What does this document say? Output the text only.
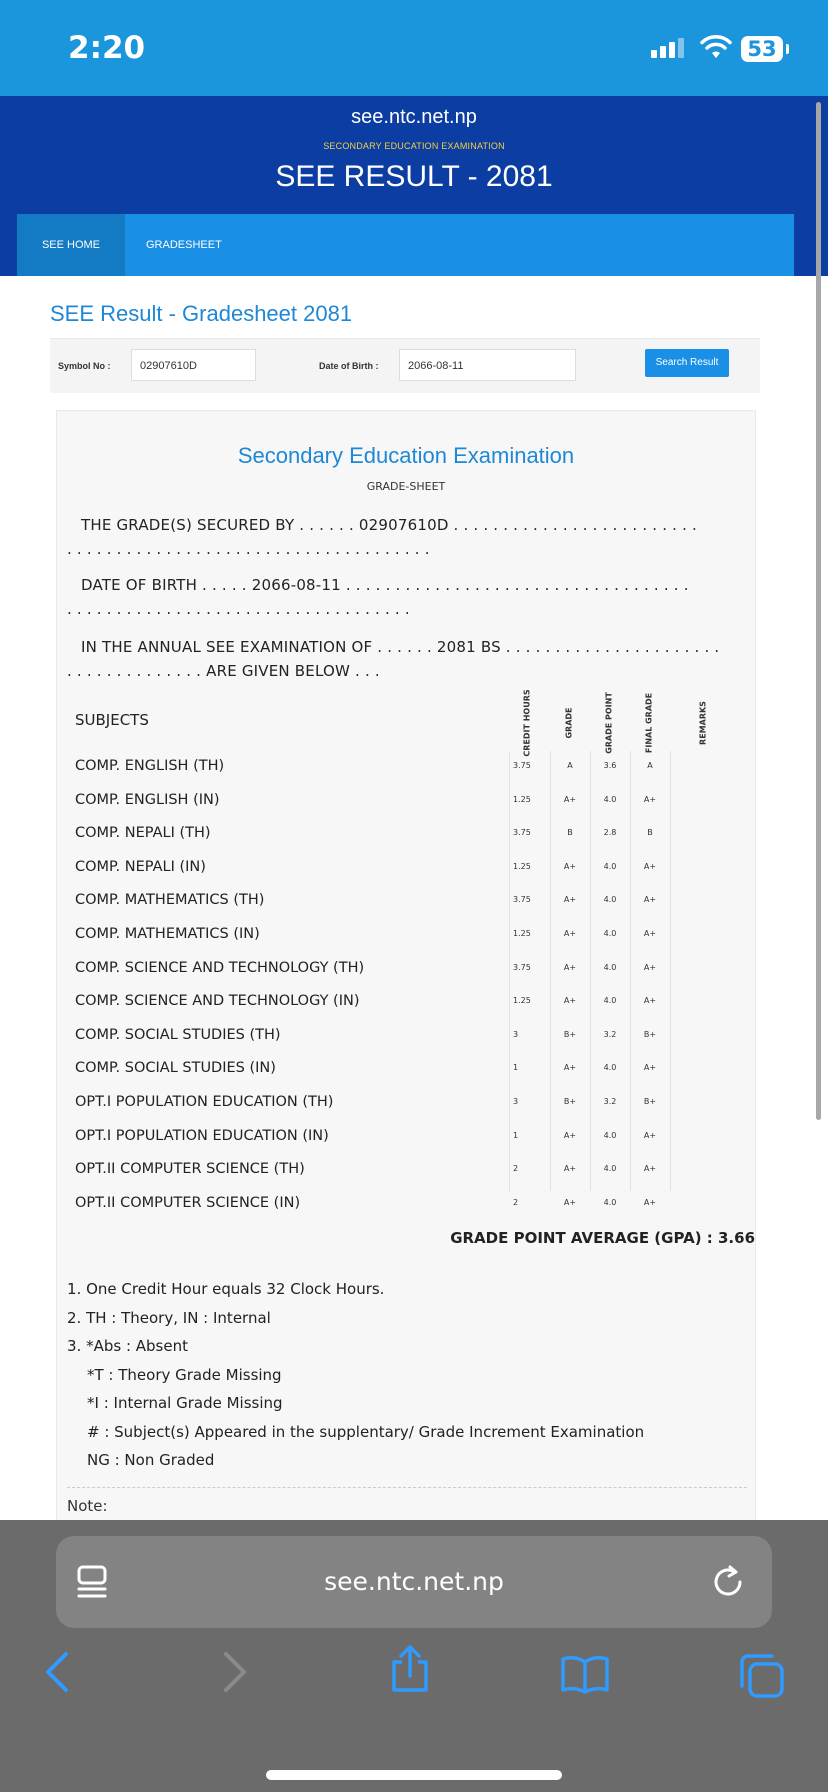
2:20	53
see.ntc.net.np
SECONDARY EDUCATION EXAMINATION
SEE RESULT - 2081
SEE HOME	GRADESHEET
SEE Result - Gradesheet 2081
Symbol No :	02907610D	Date of Birth :	2066-08-11	Search Result
Secondary Education Examination
GRADE-SHEET
THE GRADE(S) SECURED BY . . . . . . 02907610D . . . . . . . . . . . . . . . . . . . . . . . . .
. . . . . . . . . . . . . . . . . . . . . . . . . . . . . . . . . . . . .
DATE OF BIRTH . . . . . 2066-08-11 . . . . . . . . . . . . . . . . . . . . . . . . . . . . . . . . . . .
. . . . . . . . . . . . . . . . . . . . . . . . . . . . . . . . . . .
IN THE ANNUAL SEE EXAMINATION OF . . . . . . 2081 BS . . . . . . . . . . . . . . . . . . . . . .
. . . . . . . . . . . . . . ARE GIVEN BELOW . . .
SUBJECTS	CREDIT HOURS	GRADE	GRADE POINT	FINAL GRADE	REMARKS
COMP. ENGLISH (TH)	3.75	A	3.6	A
COMP. ENGLISH (IN)	1.25	A+	4.0	A+
COMP. NEPALI (TH)	3.75	B	2.8	B
COMP. NEPALI (IN)	1.25	A+	4.0	A+
COMP. MATHEMATICS (TH)	3.75	A+	4.0	A+
COMP. MATHEMATICS (IN)	1.25	A+	4.0	A+
COMP. SCIENCE AND TECHNOLOGY (TH)	3.75	A+	4.0	A+
COMP. SCIENCE AND TECHNOLOGY (IN)	1.25	A+	4.0	A+
COMP. SOCIAL STUDIES (TH)	3	B+	3.2	B+
COMP. SOCIAL STUDIES (IN)	1	A+	4.0	A+
OPT.I POPULATION EDUCATION (TH)	3	B+	3.2	B+
OPT.I POPULATION EDUCATION (IN)	1	A+	4.0	A+
OPT.II COMPUTER SCIENCE (TH)	2	A+	4.0	A+
OPT.II COMPUTER SCIENCE (IN)	2	A+	4.0	A+
GRADE POINT AVERAGE (GPA) : 3.66
1. One Credit Hour equals 32 Clock Hours.
2. TH : Theory, IN : Internal
3. *Abs : Absent
*T : Theory Grade Missing
*I : Internal Grade Missing
# : Subject(s) Appeared in the supplentary/ Grade Increment Examination
NG : Non Graded
Note:
see.ntc.net.np
